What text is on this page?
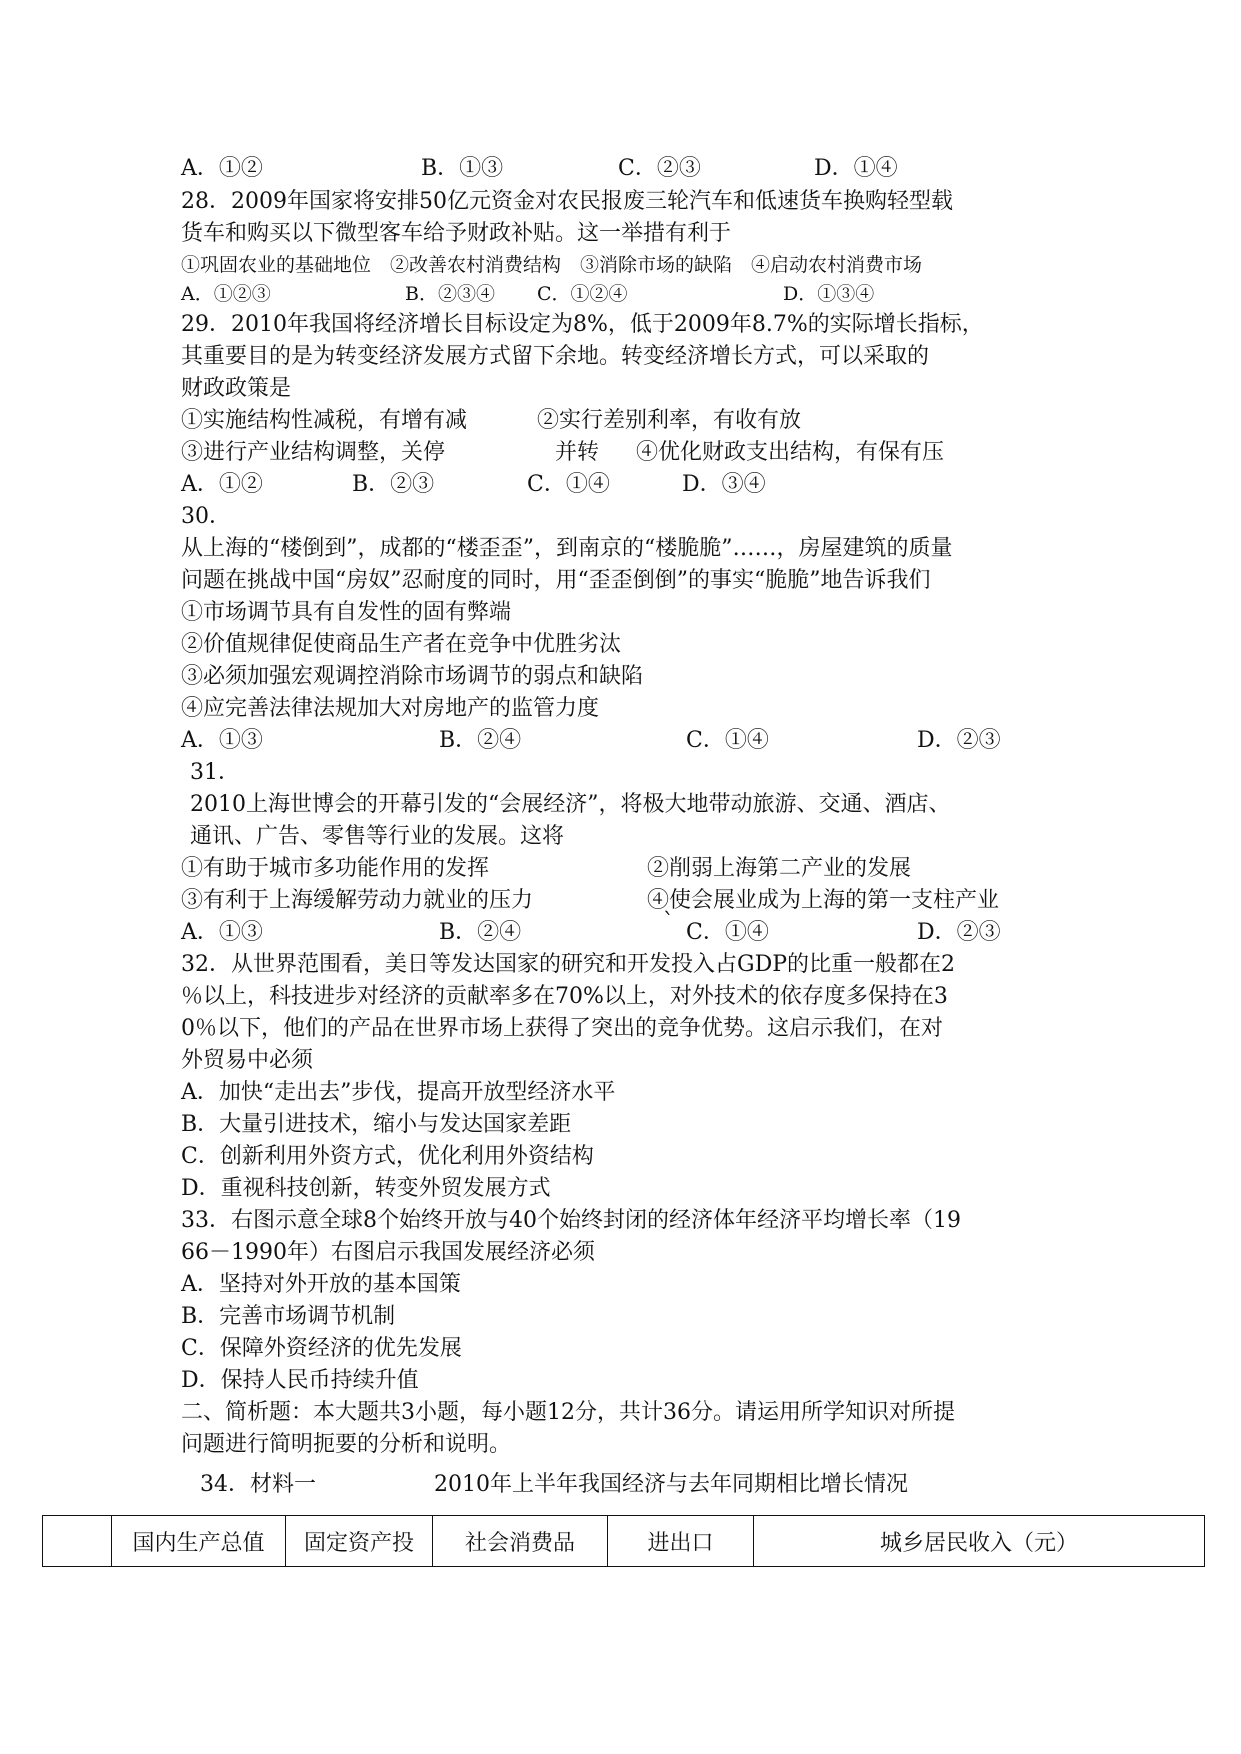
A．①②	B．①③	C．②③	D．①④
28．2009年国家将安排50亿元资金对农民报废三轮汽车和低速货车换购轻型载
货车和购买以下微型客车给予财政补贴。这一举措有利于
①巩固农业的基础地位　②改善农村消费结构　③消除市场的缺陷　④启动农村消费市场
A．①②③	B．②③④ C．①②④	D．①③④
29．2010年我国将经济增长目标设定为8%，低于2009年8.7%的实际增长指标，
其重要目的是为转变经济发展方式留下余地。转变经济增长方式，可以采取的
财政政策是
①实施结构性减税，有增有减	②实行差别利率，有收有放
③进行产业结构调整，关停	并转 ④优化财政支出结构，有保有压
A．①②	B．②③	C．①④	D．③④
30．
从上海的“楼倒到”，成都的“楼歪歪”，到南京的“楼脆脆”……，房屋建筑的质量
问题在挑战中国“房奴”忍耐度的同时，用“歪歪倒倒”的事实“脆脆”地告诉我们
①市场调节具有自发性的固有弊端
②价值规律促使商品生产者在竞争中优胜劣汰
③必须加强宏观调控消除市场调节的弱点和缺陷
④应完善法律法规加大对房地产的监管力度
A．①③	B．②④	C．①④	D．②③
31．
2010上海世博会的开幕引发的“会展经济”，将极大地带动旅游、交通、酒店、
通讯、广告、零售等行业的发展。这将
①有助于城市多功能作用的发挥	②削弱上海第二产业的发展
③有利于上海缓解劳动力就业的压力	④使会展业成为上海的第一支柱产业
A．①③	B．②④	` C．①④	D．②③
32．从世界范围看，美日等发达国家的研究和开发投入占GDP的比重一般都在2
％以上，科技进步对经济的贡献率多在70%以上，对外技术的依存度多保持在3
0％以下，他们的产品在世界市场上获得了突出的竞争优势。这启示我们，在对
外贸易中必须
A．加快“走出去”步伐，提高开放型经济水平
B．大量引进技术，缩小与发达国家差距
C．创新利用外资方式，优化利用外资结构
D．重视科技创新，转变外贸发展方式
33．右图示意全球8个始终开放与40个始终封闭的经济体年经济平均增长率（19
66－1990年）右图启示我国发展经济必须
A．坚持对外开放的基本国策
B．完善市场调节机制
C．保障外资经济的优先发展
D．保持人民币持续升值
二、简析题：本大题共3小题，每小题12分，共计36分。请运用所学知识对所提
问题进行简明扼要的分析和说明。
34．材料一	2010年上半年我国经济与去年同期相比增长情况
	国内生产总值	固定资产投	社会消费品	进出口	城乡居民收入（元）
